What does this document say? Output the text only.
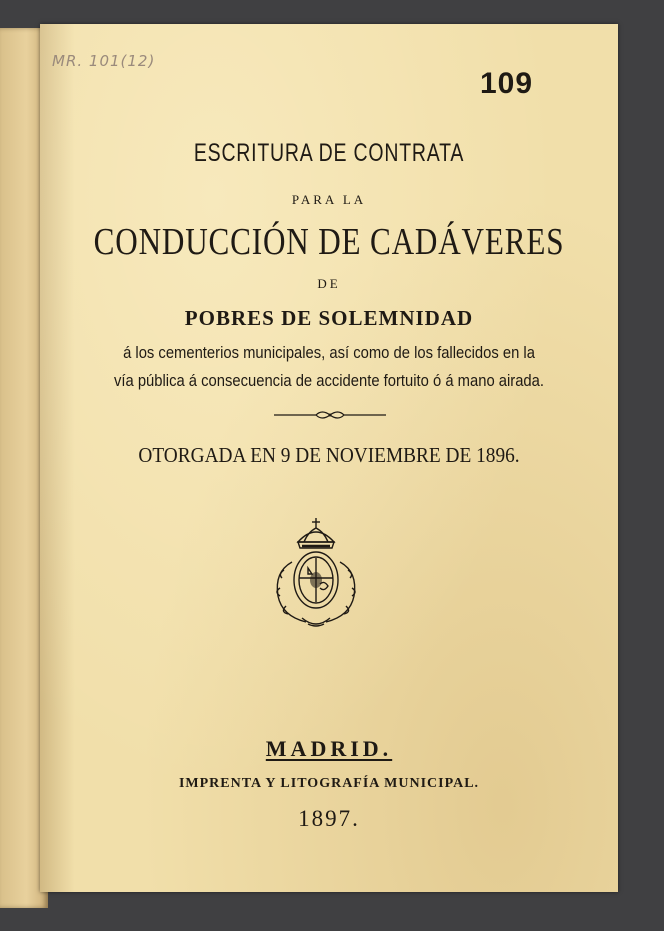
MR. 101(12)
109
ESCRITURA DE CONTRATA
PARA LA
CONDUCCIÓN DE CADÁVERES
DE
POBRES DE SOLEMNIDAD
á los cementerios municipales, así como de los fallecidos en la
vía pública á consecuencia de accidente fortuito ó á mano airada.
OTORGADA EN 9 DE NOVIEMBRE DE 1896.
MADRID.
IMPRENTA Y LITOGRAFÍA MUNICIPAL.
1897.
